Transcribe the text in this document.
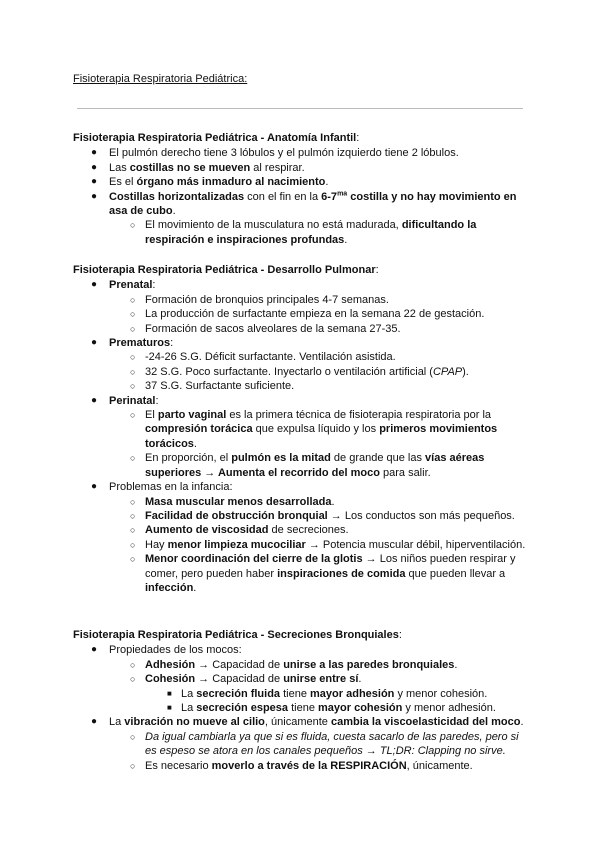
Fisioterapia Respiratoria Pediátrica:
Fisioterapia Respiratoria Pediátrica - Anatomía Infantil:
● El pulmón derecho tiene 3 lóbulos y el pulmón izquierdo tiene 2 lóbulos.
● Las costillas no se mueven al respirar.
● Es el órgano más inmaduro al nacimiento.
● Costillas horizontalizadas con el fin en la $6-7^{ma}$ costilla y no hay movimiento en asa de cubo.
○ El movimiento de la musculatura no está madurada, dificultando la respiración e inspiraciones profundas.
Fisioterapia Respiratoria Pediátrica - Desarrollo Pulmonar:
● Prenatal:
○ Formación de bronquios principales 4-7 semanas.
○ La producción de surfactante empieza en la semana 22 de gestación.
○ Formación de sacos alveolares de la semana 27-35.
● Prematuros:
○ -24-26 S.G. Déficit surfactante. Ventilación asistida.
○ 32 S.G. Poco surfactante. Inyectarlo o ventilación artificial (CPAP).
○ 37 S.G. Surfactante suficiente.
● Perinatal:
○ El parto vaginal es la primera técnica de fisioterapia respiratoria por la compresión torácica que expulsa líquido y los primeros movimientos torácicos.
○ En proporción, el pulmón es la mitad de grande que las vías aéreas superiores → Aumenta el recorrido del moco para salir.
● Problemas en la infancia:
○ Masa muscular menos desarrollada.
○ Facilidad de obstrucción bronquial → Los conductos son más pequeños.
○ Aumento de viscosidad de secreciones.
○ Hay menor limpieza mucociliar → Potencia muscular débil, hiperventilación.
○ Menor coordinación del cierre de la glotis → Los niños pueden respirar y comer, pero pueden haber inspiraciones de comida que pueden llevar a infección.
Fisioterapia Respiratoria Pediátrica - Secreciones Bronquiales:
● Propiedades de los mocos:
○ Adhesión → Capacidad de unirse a las paredes bronquiales.
○ Cohesión → Capacidad de unirse entre sí.
■ La secreción fluida tiene mayor adhesión y menor cohesión.
■ La secreción espesa tiene mayor cohesión y menor adhesión.
● La vibración no mueve al cilio, únicamente cambia la viscoelasticidad del moco.
○ Da igual cambiarla ya que si es fluida, cuesta sacarlo de las paredes, pero si es espeso se atora en los canales pequeños → TL;DR: Clapping no sirve.
○ Es necesario moverlo a través de la RESPIRACIÓN, únicamente.
